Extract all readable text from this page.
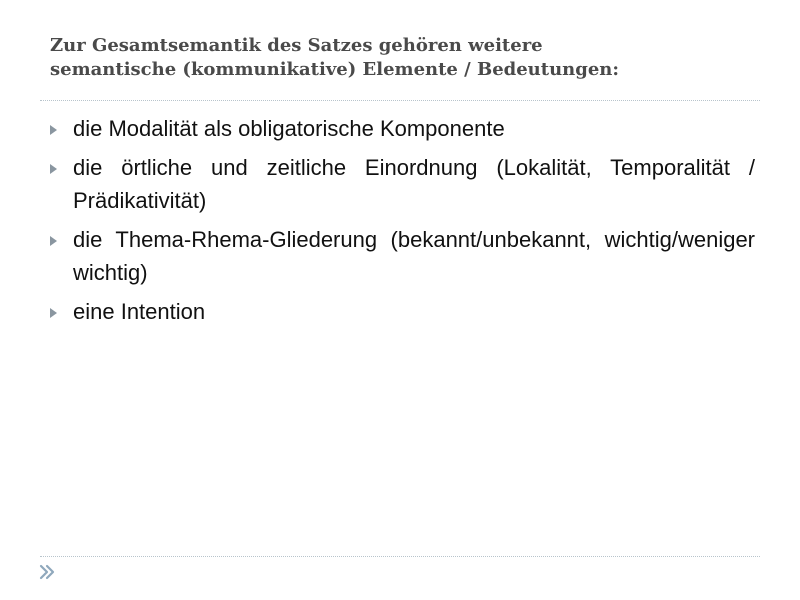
Zur Gesamtsemantik des Satzes gehören weitere
semantische (kommunikative) Elemente / Bedeutungen:
die Modalität als obligatorische Komponente
die örtliche und zeitliche Einordnung (Lokalität, Temporalität / Prädikativität)
die Thema-Rhema-Gliederung (bekannt/unbekannt, wichtig/weniger wichtig)
eine Intention
